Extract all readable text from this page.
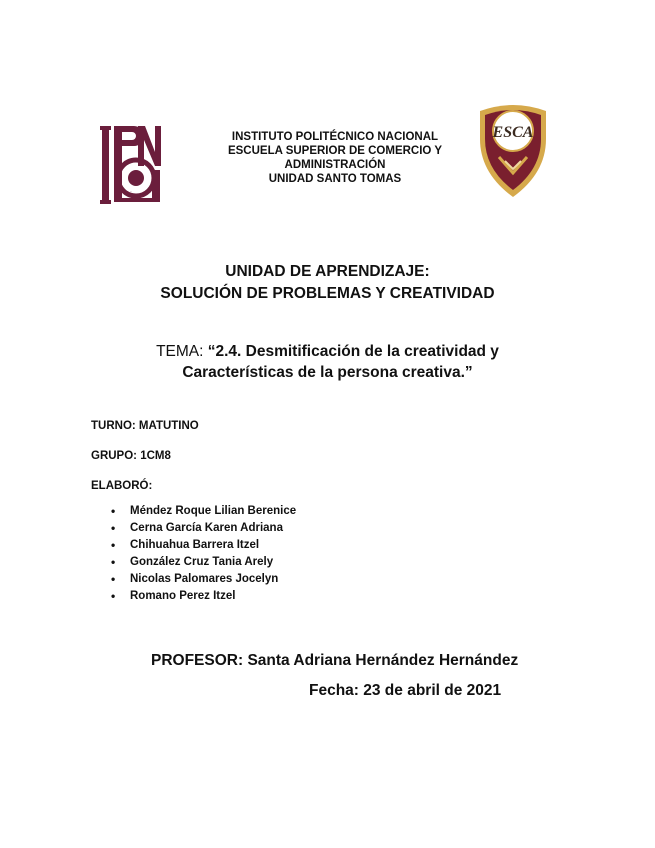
IPN
ESCA
INSTITUTO POLITÉCNICO NACIONAL
ESCUELA SUPERIOR DE COMERCIO Y
ADMINISTRACIÓN
UNIDAD SANTO TOMAS
UNIDAD DE APRENDIZAJE:
SOLUCIÓN DE PROBLEMAS Y CREATIVIDAD
TEMA: “2.4. Desmitificación de la creatividad y
Características de la persona creativa.”
TURNO: MATUTINO
GRUPO: 1CM8
ELABORÓ:
• Méndez Roque Lilian Berenice
• Cerna García Karen Adriana
• Chihuahua Barrera Itzel
• González Cruz Tania Arely
• Nicolas Palomares Jocelyn
• Romano Perez Itzel
PROFESOR: Santa Adriana Hernández Hernández
Fecha: 23 de abril de 2021
